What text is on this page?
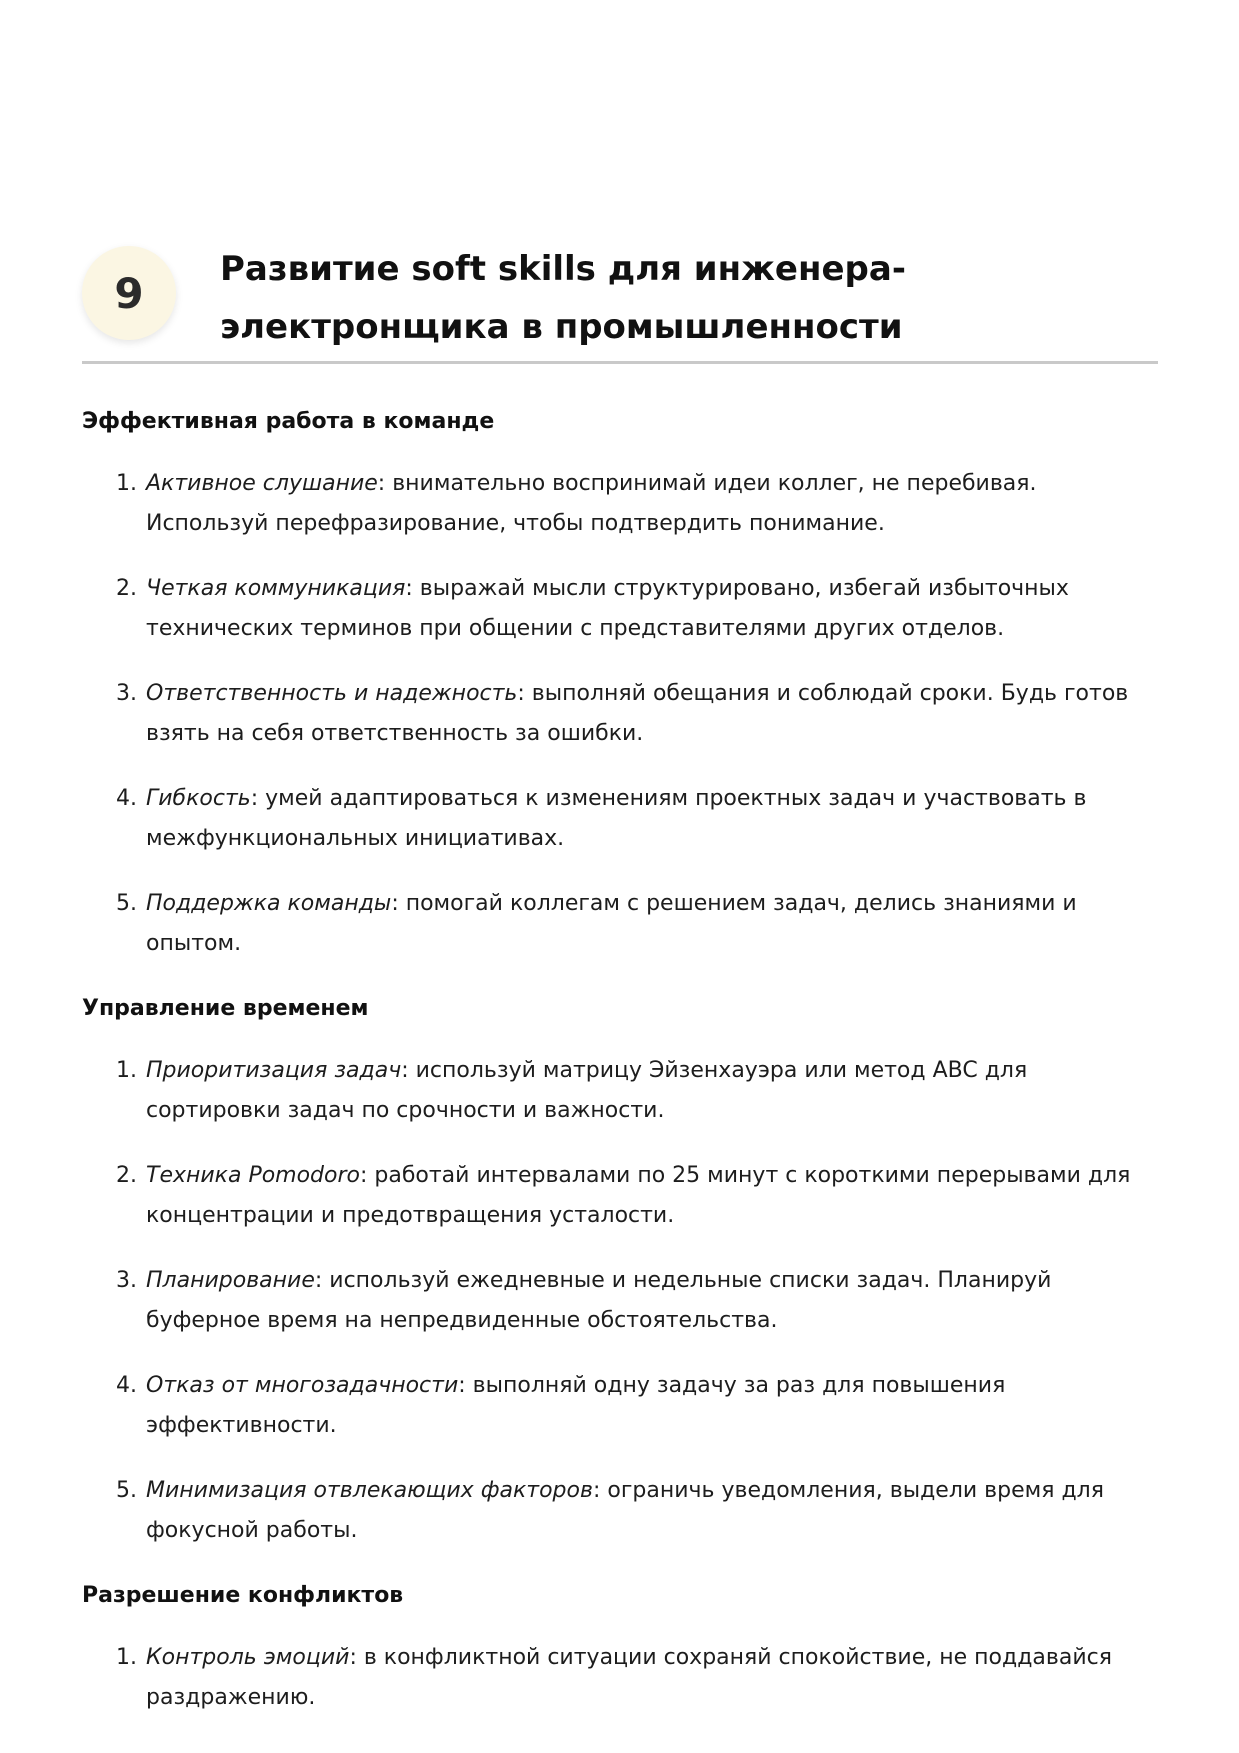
9	Развитие soft skills для инженера-электронщика в промышленности
Эффективная работа в команде
1. Активное слушание: внимательно воспринимай идеи коллег, не перебивая. Используй перефразирование, чтобы подтвердить понимание.
2. Четкая коммуникация: выражай мысли структурировано, избегай избыточных технических терминов при общении с представителями других отделов.
3. Ответственность и надежность: выполняй обещания и соблюдай сроки. Будь готов взять на себя ответственность за ошибки.
4. Гибкость: умей адаптироваться к изменениям проектных задач и участвовать в межфункциональных инициативах.
5. Поддержка команды: помогай коллегам с решением задач, делись знаниями и опытом.
Управление временем
1. Приоритизация задач: используй матрицу Эйзенхауэра или метод ABC для сортировки задач по срочности и важности.
2. Техника Pomodoro: работай интервалами по 25 минут с короткими перерывами для концентрации и предотвращения усталости.
3. Планирование: используй ежедневные и недельные списки задач. Планируй буферное время на непредвиденные обстоятельства.
4. Отказ от многозадачности: выполняй одну задачу за раз для повышения эффективности.
5. Минимизация отвлекающих факторов: ограничь уведомления, выдели время для фокусной работы.
Разрешение конфликтов
1. Контроль эмоций: в конфликтной ситуации сохраняй спокойствие, не поддавайся раздражению.
